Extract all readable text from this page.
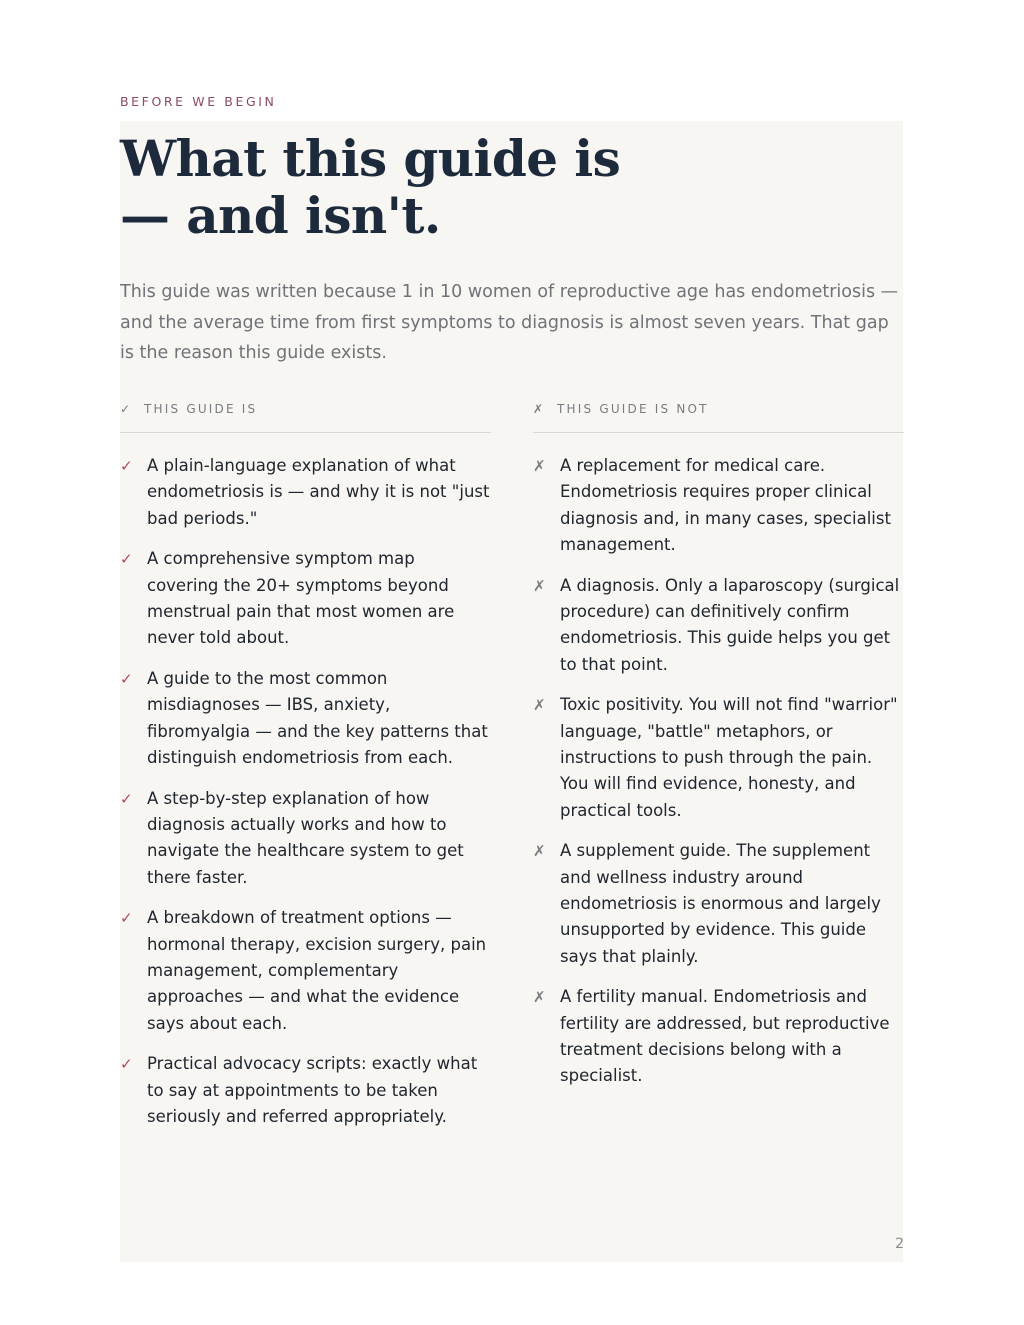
BEFORE WE BEGIN
What this guide is
— and isn't.

This guide was written because 1 in 10 women of reproductive age has endometriosis — and the average time from first symptoms to diagnosis is almost seven years. That gap is the reason this guide exists.

✓ THIS GUIDE IS
✓ A plain-language explanation of what endometriosis is — and why it is not "just bad periods."
✓ A comprehensive symptom map covering the 20+ symptoms beyond menstrual pain that most women are never told about.
✓ A guide to the most common misdiagnoses — IBS, anxiety, fibromyalgia — and the key patterns that distinguish endometriosis from each.
✓ A step-by-step explanation of how diagnosis actually works and how to navigate the healthcare system to get there faster.
✓ A breakdown of treatment options — hormonal therapy, excision surgery, pain management, complementary approaches — and what the evidence says about each.
✓ Practical advocacy scripts: exactly what to say at appointments to be taken seriously and referred appropriately.
✗ THIS GUIDE IS NOT
✗ A replacement for medical care. Endometriosis requires proper clinical diagnosis and, in many cases, specialist management.
✗ A diagnosis. Only a laparoscopy (surgical procedure) can definitively confirm endometriosis. This guide helps you get to that point.
✗ Toxic positivity. You will not find "warrior" language, "battle" metaphors, or instructions to push through the pain. You will find evidence, honesty, and practical tools.
✗ A supplement guide. The supplement and wellness industry around endometriosis is enormous and largely unsupported by evidence. This guide says that plainly.
✗ A fertility manual. Endometriosis and fertility are addressed, but reproductive treatment decisions belong with a specialist.
2
